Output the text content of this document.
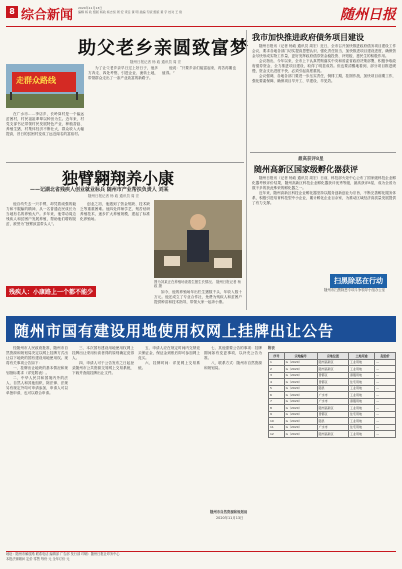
8 综合新闻 2020年11月13日
编辑 杨 政 组版 杨政 杨志恒 周 宏 责任 黄 明 美编 专版 组版 黄 宇 校对 王 艳	随州日报
助父老乡亲圆致富梦
随州日报记者 杨 政 通讯员 周 宏
走群众路线

在广水市……李店乡，长岭岗村是一个偏远贫困村，村民祖祖辈辈以种田为生。近年来，村党支部书记带领村民发展特色产业，种植香菇、养殖生猪，村集体经济不断壮大，群众收入大幅提高，昔日的贫困村变成了远近闻名的富裕村。

为了让父老乡亲早日过上好日子，他多方奔走、四处考察，引进企业、流转土地，带领群众走出了一条产业致富的新路子。

他说：“只要乡亲们能富起来，再苦再累也值得。”

独臂翱翔养小康
——记湖北省残疾人创业就业标兵 随州市产业帮扶负责人 刘某
随州日报记者 杨 政 通讯员 周 宏

他自幼失去一只手臂，却凭着顽强的毅力和不服输的精神，从一名普通农民成长为当地有名的养殖大户。多年来，他带动周边残疾人和贫困户发展养殖，帮助他们增收脱贫，被誉为“独臂致富带头人”。

残疾人：小康路上一个都不能少

创业之初，他遇到了资金短缺、技术缺乏等重重困难。他四处拜师学艺，刻苦钻研养殖技术，逐步扩大养殖规模，建起了标准化养殖场。

图为刘某正在养殖场查看生猪生长情况。 随州日报记者 杨 政 摄

如今，他的养殖场年出栏生猪数千头，年收入数十万元。他还成立了专业合作社，免费为残疾人和贫困户提供种苗和技术指导，带领大家一起奔小康。

我市加快推进政府债务项目建设

随州日报讯（记者 杨政 通讯员 周宏）近日，全市召开加快推进政府债务项目建设工作会议，要求各地各部门切实提高思想认识，强化责任担当，加快推进项目建设进度，确保资金尽快形成实物工作量，更好发挥政府债券资金稳投资、补短板、惠民生的积极作用。

会议指出，今年以来，全市上下认真贯彻落实中央和省委省政府决策部署，积极争取政府债券资金，全力推进项目建设，取得了明显成效。但也要清醒地看到，部分项目推进缓慢，资金支出进度不快，必须引起高度重视。

会议强调，各地各部门要进一步压实责任，倒排工期，挂图作战，加快项目前期工作，强化要素保障，确保项目早开工、早建设、早见效。

最高获评8星
随州高新区国家级孵化器获评

随州日报讯（记者 杨政 通讯员 周宏）日前，科技部火炬中心公布了国家级科技企业孵化器考核评价结果，随州高新区科技企业孵化器获评优秀等级，最高获评8星，成为全省为数不多的获此殊荣的孵化器之一。

近年来，随州高新区科技企业孵化器坚持以服务创新创业为宗旨，不断完善孵化服务体系，积极引进培育科技型中小企业，累计孵化企业百余家，为推动区域经济高质量发展提供了有力支撑。

扫黑除恶在行动
随州市扫黑除恶专项斗争领导小组办公室
随州市国有建设用地使用权网上挂牌出让公告

经随州市人民政府批准，随州市自然资源和规划局决定以网上挂牌方式出让以下地块的国有建设用地使用权。现将有关事项公告如下：

一、挂牌出让地块的基本情况和规划指标要求（详见附表）。

二、中华人民共和国境内外的法人、自然人和其他组织，除法律、法规另有规定外均可申请参加，申请人可以单独申请，也可以联合申请。

三、本次国有建设用地使用权网上挂牌出让采用价高者得的原则确定竞得人。

四、申请人可于公告发布之日起登录随州市公共资源交易网上交易系统，下载并查阅挂牌出让文件。

五、申请人应在规定时间内交纳竞买保证金，保证金到账后即可参加网上竞买。

六、挂牌时间：详见网上交易系统。

七、其他需要公告的事项：挂牌期间如有变更事项，以补充公告为准。

八、联系方式：随州市自然资源和规划局。

随州市自然资源和规划局
2020年11月13日
附表
序号	宗地编号	宗地位置	土地用途	起始价
1	G（2020）	随州高新区	工业用地	—
2	G（2020）	随州高新区	工业用地	—
3	G（2020）	曾都区	商服用地	—
4	G（2020）	曾都区	住宅用地	—
5	G（2020）	随县	工业用地	—
6	G（2020）	广水市	工业用地	—
7	G（2020）	广水市	商服用地	—
8	G（2020）	随州高新区	工业用地	—
9	G（2020）	曾都区	住宅用地	—
10	G（2020）	随县	工业用地	—
11	G（2020）	广水市	住宅用地	—
12	G（2020）	随州高新区	工业用地	—
地址：随州市解放路 联系电话 编辑部 广告部 发行部 印刷：随州日报社印务中心
本报法律顾问 定价 零售 每份 元 全年订价 元
